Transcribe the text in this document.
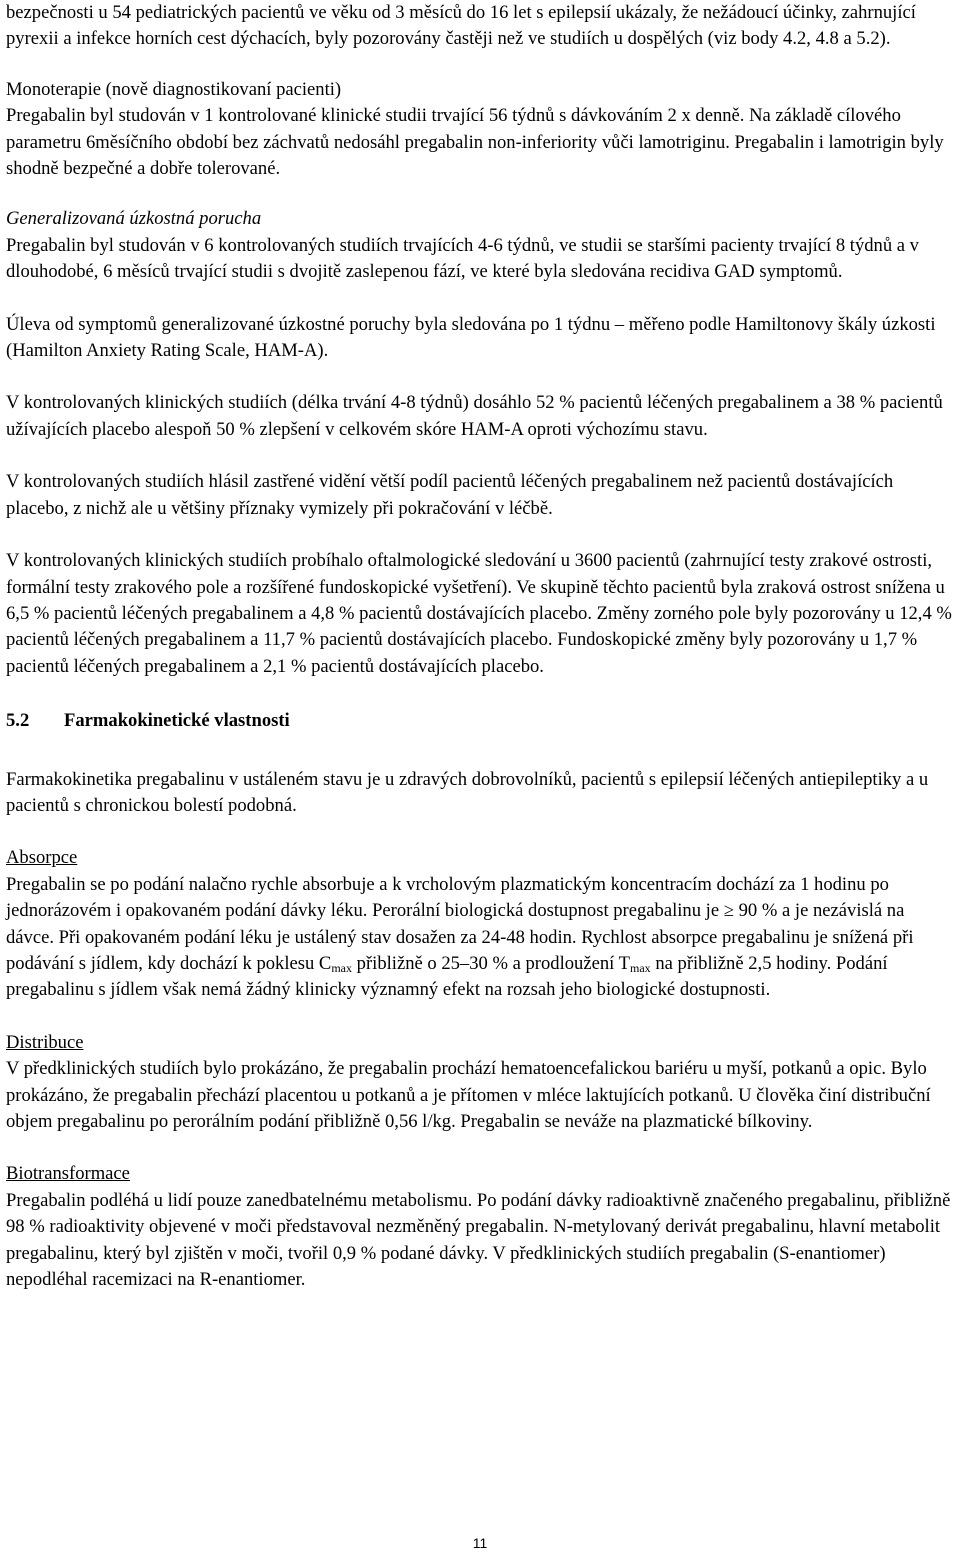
bezpečnosti u 54 pediatrických pacientů ve věku od 3 měsíců do 16 let s epilepsií ukázaly, že nežádoucí účinky, zahrnující pyrexii a infekce horních cest dýchacích, byly pozorovány častěji než ve studiích u dospělých (viz body 4.2, 4.8 a 5.2).

Monoterapie (nově diagnostikovaní pacienti)

Pregabalin byl studován v 1 kontrolované klinické studii trvající 56 týdnů s dávkováním 2 x denně. Na základě cílového parametru 6měsíčního období bez záchvatů nedosáhl pregabalin non-inferiority vůči lamotriginu. Pregabalin i lamotrigin byly shodně bezpečné a dobře tolerované.

Generalizovaná úzkostná porucha

Pregabalin byl studován v 6 kontrolovaných studiích trvajících 4-6 týdnů, ve studii se staršími pacienty trvající 8 týdnů a v dlouhodobé, 6 měsíců trvající studii s dvojitě zaslepenou fází, ve které byla sledována recidiva GAD symptomů.

Úleva od symptomů generalizované úzkostné poruchy byla sledována po 1 týdnu – měřeno podle Hamiltonovy škály úzkosti (Hamilton Anxiety Rating Scale, HAM-A).

V kontrolovaných klinických studiích (délka trvání 4-8 týdnů) dosáhlo 52 % pacientů léčených pregabalinem a 38 % pacientů užívajících placebo alespoň 50 % zlepšení v celkovém skóre HAM-A oproti výchozímu stavu.

V kontrolovaných studiích hlásil zastřené vidění větší podíl pacientů léčených pregabalinem než pacientů dostávajících placebo, z nichž ale u většiny příznaky vymizely při pokračování v léčbě.

V kontrolovaných klinických studiích probíhalo oftalmologické sledování u 3600 pacientů (zahrnující testy zrakové ostrosti, formální testy zrakového pole a rozšířené fundoskopické vyšetření). Ve skupině těchto pacientů byla zraková ostrost snížena u 6,5 % pacientů léčených pregabalinem a 4,8 % pacientů dostávajících placebo. Změny zorného pole byly pozorovány u 12,4 % pacientů léčených pregabalinem a 11,7 % pacientů dostávajících placebo. Fundoskopické změny byly pozorovány u 1,7 % pacientů léčených pregabalinem a 2,1 % pacientů dostávajících placebo.

5.2 Farmakokinetické vlastnosti

Farmakokinetika pregabalinu v ustáleném stavu je u zdravých dobrovolníků, pacientů s epilepsií léčených antiepileptiky a u pacientů s chronickou bolestí podobná.

Absorpce

Pregabalin se po podání nalačno rychle absorbuje a k vrcholovým plazmatickým koncentracím dochází za 1 hodinu po jednorázovém i opakovaném podání dávky léku. Perorální biologická dostupnost pregabalinu je ≥ 90 % a je nezávislá na dávce. Při opakovaném podání léku je ustálený stav dosažen za 24-48 hodin. Rychlost absorpce pregabalinu je snížená při podávání s jídlem, kdy dochází k poklesu $C_{max}$ přibližně o 25–30 % a prodloužení $T_{max}$ na přibližně 2,5 hodiny. Podání pregabalinu s jídlem však nemá žádný klinicky významný efekt na rozsah jeho biologické dostupnosti.

Distribuce

V předklinických studiích bylo prokázáno, že pregabalin prochází hematoencefalickou bariéru u myší, potkanů a opic. Bylo prokázáno, že pregabalin přechází placentou u potkanů a je přítomen v mléce laktujících potkanů. U člověka činí distribuční objem pregabalinu po perorálním podání přibližně 0,56 l/kg. Pregabalin se neváže na plazmatické bílkoviny.

Biotransformace

Pregabalin podléhá u lidí pouze zanedbatelnému metabolismu. Po podání dávky radioaktivně značeného pregabalinu, přibližně 98 % radioaktivity objevené v moči představoval nezměněný pregabalin. N-metylovaný derivát pregabalinu, hlavní metabolit pregabalinu, který byl zjištěn v moči, tvořil 0,9 % podané dávky. V předklinických studiích pregabalin (S-enantiomer) nepodléhal racemizaci na R-enantiomer.

11
